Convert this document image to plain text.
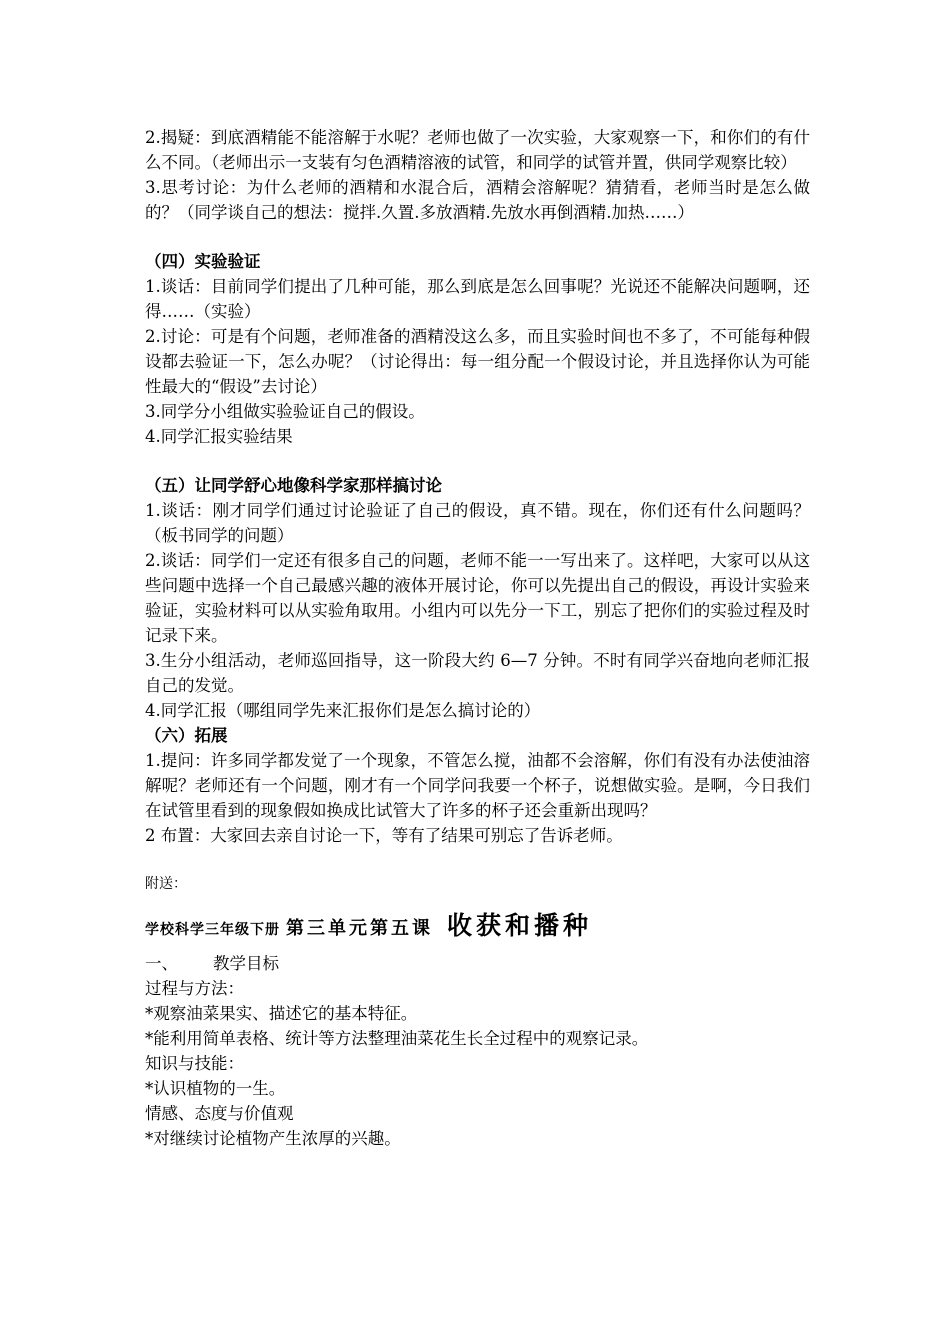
2.揭疑：到底酒精能不能溶解于水呢？老师也做了一次实验，大家观察一下，和你们的有什么不同。（老师出示一支装有匀色酒精溶液的试管，和同学的试管并置，供同学观察比较）

3.思考讨论：为什么老师的酒精和水混合后，酒精会溶解呢？猜猜看，老师当时是怎么做的？（同学谈自己的想法：搅拌.久置.多放酒精.先放水再倒酒精.加热……）

（四）实验验证

1.谈话：目前同学们提出了几种可能，那么到底是怎么回事呢？光说还不能解决问题啊，还得……（实验）

2.讨论：可是有个问题，老师准备的酒精没这么多，而且实验时间也不多了，不可能每种假设都去验证一下，怎么办呢？（讨论得出：每一组分配一个假设讨论，并且选择你认为可能性最大的“假设”去讨论）

3.同学分小组做实验验证自己的假设。

4.同学汇报实验结果

（五）让同学舒心地像科学家那样搞讨论

1.谈话：刚才同学们通过讨论验证了自己的假设，真不错。现在，你们还有什么问题吗？（板书同学的问题）

2.谈话：同学们一定还有很多自己的问题，老师不能一一写出来了。这样吧，大家可以从这些问题中选择一个自己最感兴趣的液体开展讨论，你可以先提出自己的假设，再设计实验来验证，实验材料可以从实验角取用。小组内可以先分一下工，别忘了把你们的实验过程及时记录下来。

3.生分小组活动，老师巡回指导，这一阶段大约 6—7 分钟。不时有同学兴奋地向老师汇报自己的发觉。

4.同学汇报（哪组同学先来汇报你们是怎么搞讨论的）

（六）拓展

1.提问：许多同学都发觉了一个现象，不管怎么搅，油都不会溶解，你们有没有办法使油溶解呢？老师还有一个问题，刚才有一个同学问我要一个杯子，说想做实验。是啊，今日我们在试管里看到的现象假如换成比试管大了许多的杯子还会重新出现吗？

2 布置：大家回去亲自讨论一下，等有了结果可别忘了告诉老师。

附送：

学校科学三年级下册 第三单元第五课 收获和播种

一、 教学目标

过程与方法：

*观察油菜果实、描述它的基本特征。

*能利用简单表格、统计等方法整理油菜花生长全过程中的观察记录。

知识与技能：

*认识植物的一生。

情感、态度与价值观

*对继续讨论植物产生浓厚的兴趣。
